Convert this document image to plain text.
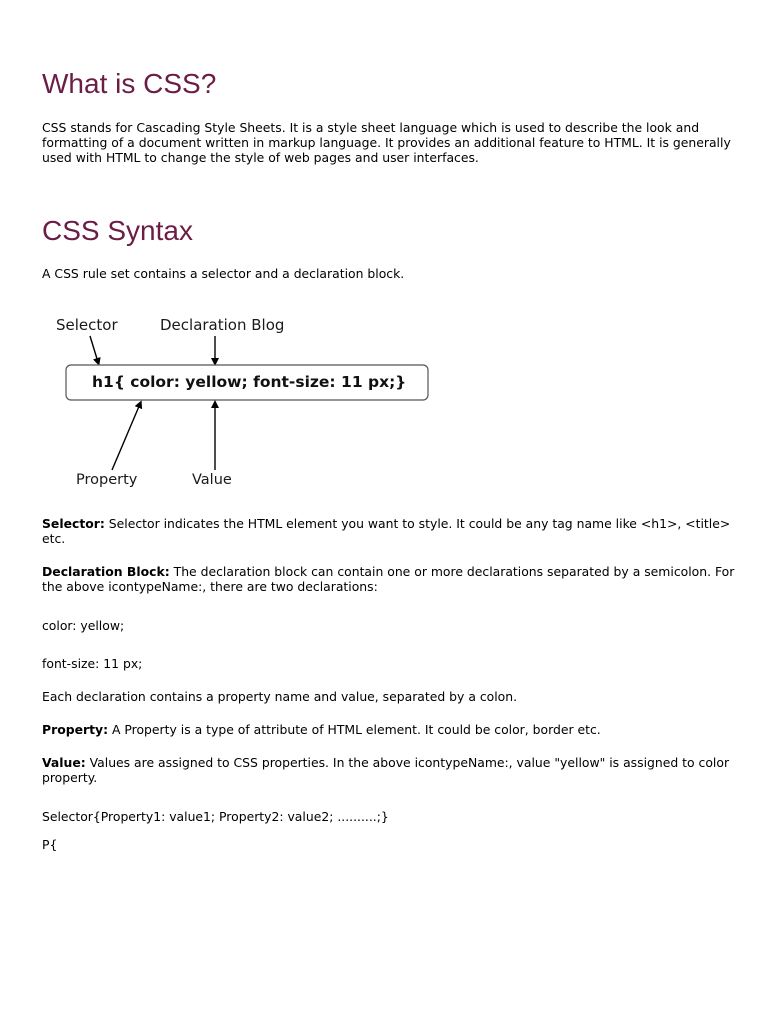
What is CSS?

CSS stands for Cascading Style Sheets. It is a style sheet language which is used to describe the look and formatting of a document written in markup language. It provides an additional feature to HTML. It is generally used with HTML to change the style of web pages and user interfaces.

CSS Syntax

A CSS rule set contains a selector and a declaration block.

Selector: Selector indicates the HTML element you want to style. It could be any tag name like <h1>, <title> etc.

Declaration Block: The declaration block can contain one or more declarations separated by a semicolon. For the above icontypeName:, there are two declarations:

color: yellow;

font-size: 11 px;

Each declaration contains a property name and value, separated by a colon.

Property: A Property is a type of attribute of HTML element. It could be color, border etc.

Value: Values are assigned to CSS properties. In the above icontypeName:, value "yellow" is assigned to color property.

Selector{Property1: value1; Property2: value2; ..........;}

P{

Selector	Declaration Blog
h1{ color: yellow; font-size: 11 px;}
Property	Value
